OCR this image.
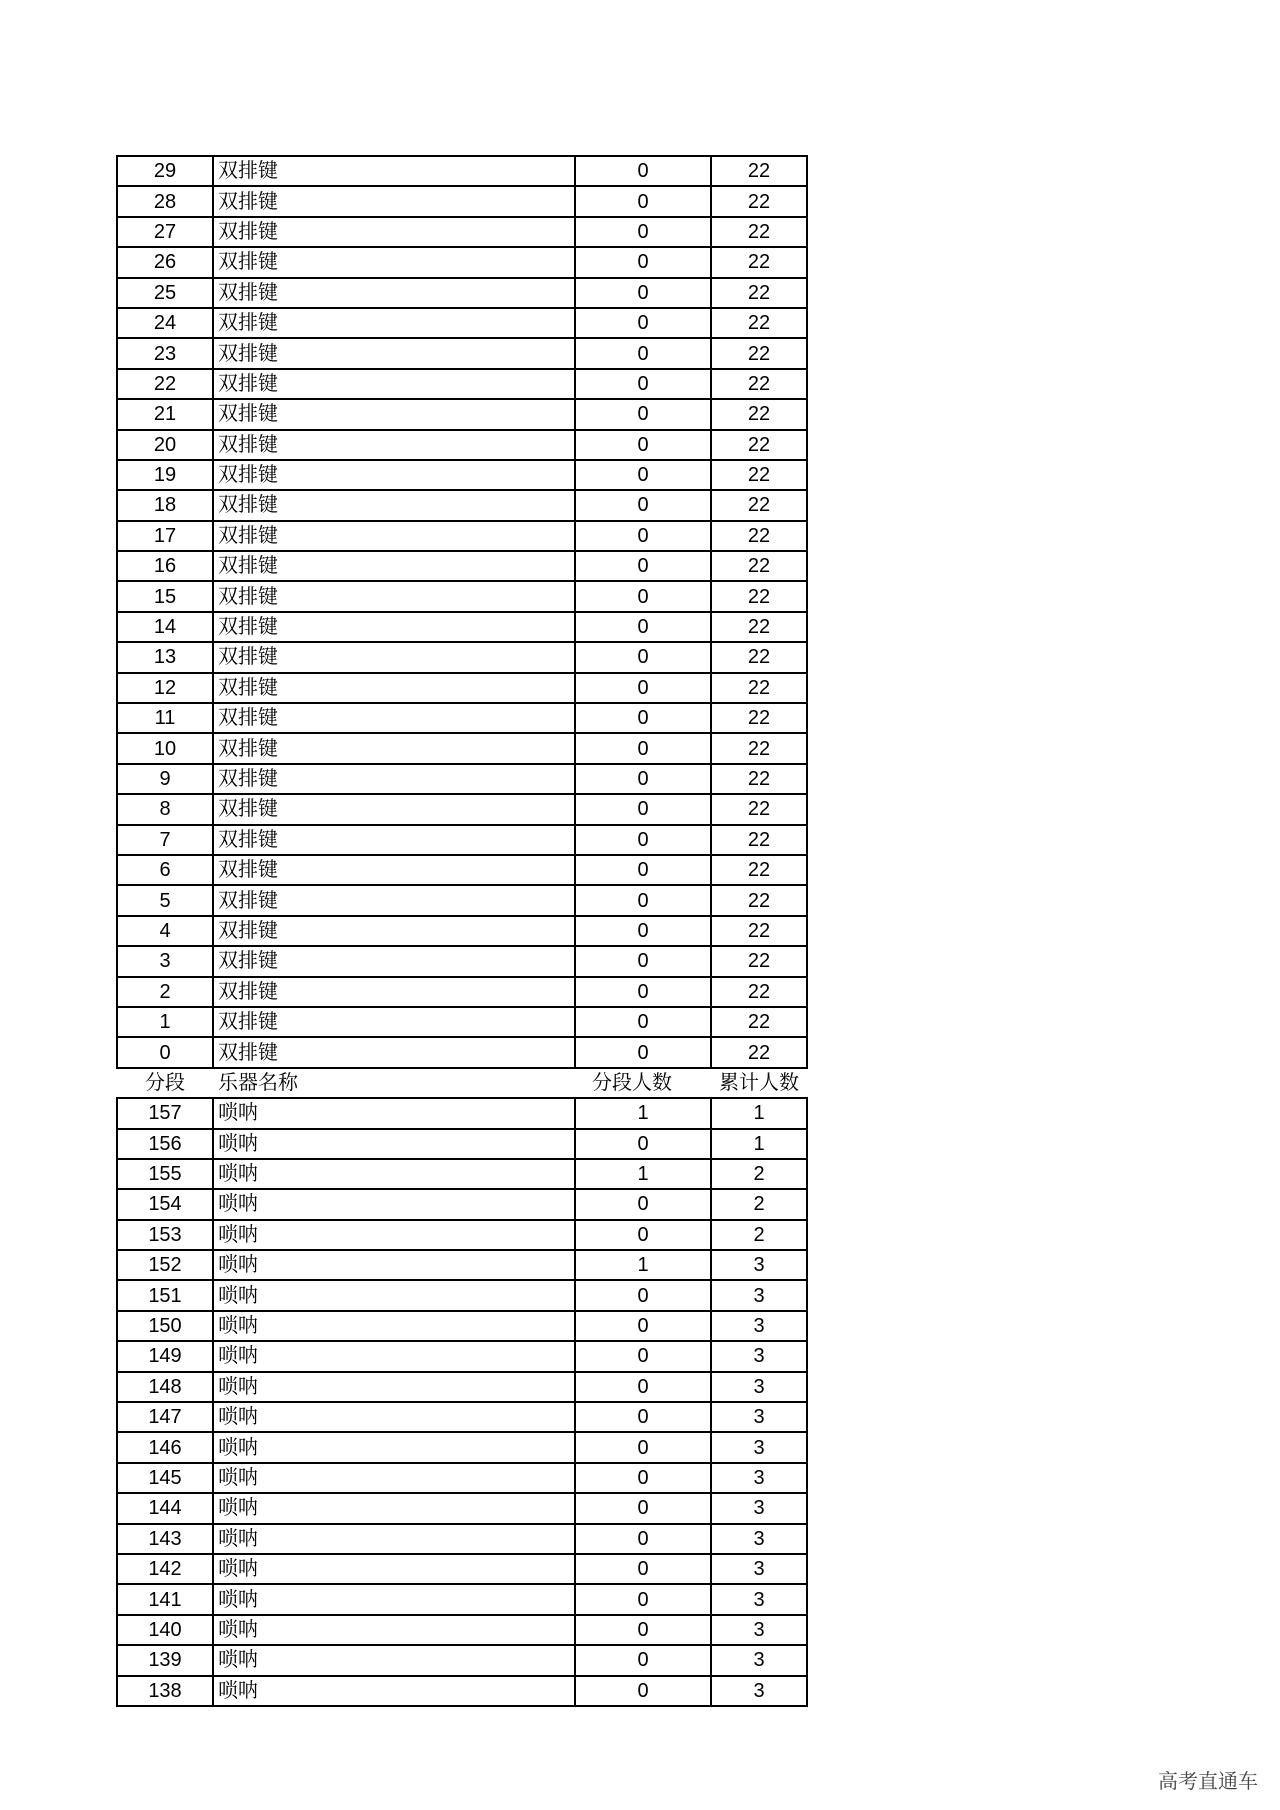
29	双排键	0	22
28	双排键	0	22
27	双排键	0	22
26	双排键	0	22
25	双排键	0	22
24	双排键	0	22
23	双排键	0	22
22	双排键	0	22
21	双排键	0	22
20	双排键	0	22
19	双排键	0	22
18	双排键	0	22
17	双排键	0	22
16	双排键	0	22
15	双排键	0	22
14	双排键	0	22
13	双排键	0	22
12	双排键	0	22
11	双排键	0	22
10	双排键	0	22
9	双排键	0	22
8	双排键	0	22
7	双排键	0	22
6	双排键	0	22
5	双排键	0	22
4	双排键	0	22
3	双排键	0	22
2	双排键	0	22
1	双排键	0	22
0	双排键	0	22
分段	乐器名称	分段人数	累计人数
157	唢呐	1	1
156	唢呐	0	1
155	唢呐	1	2
154	唢呐	0	2
153	唢呐	0	2
152	唢呐	1	3
151	唢呐	0	3
150	唢呐	0	3
149	唢呐	0	3
148	唢呐	0	3
147	唢呐	0	3
146	唢呐	0	3
145	唢呐	0	3
144	唢呐	0	3
143	唢呐	0	3
142	唢呐	0	3
141	唢呐	0	3
140	唢呐	0	3
139	唢呐	0	3
138	唢呐	0	3
高考直通车
